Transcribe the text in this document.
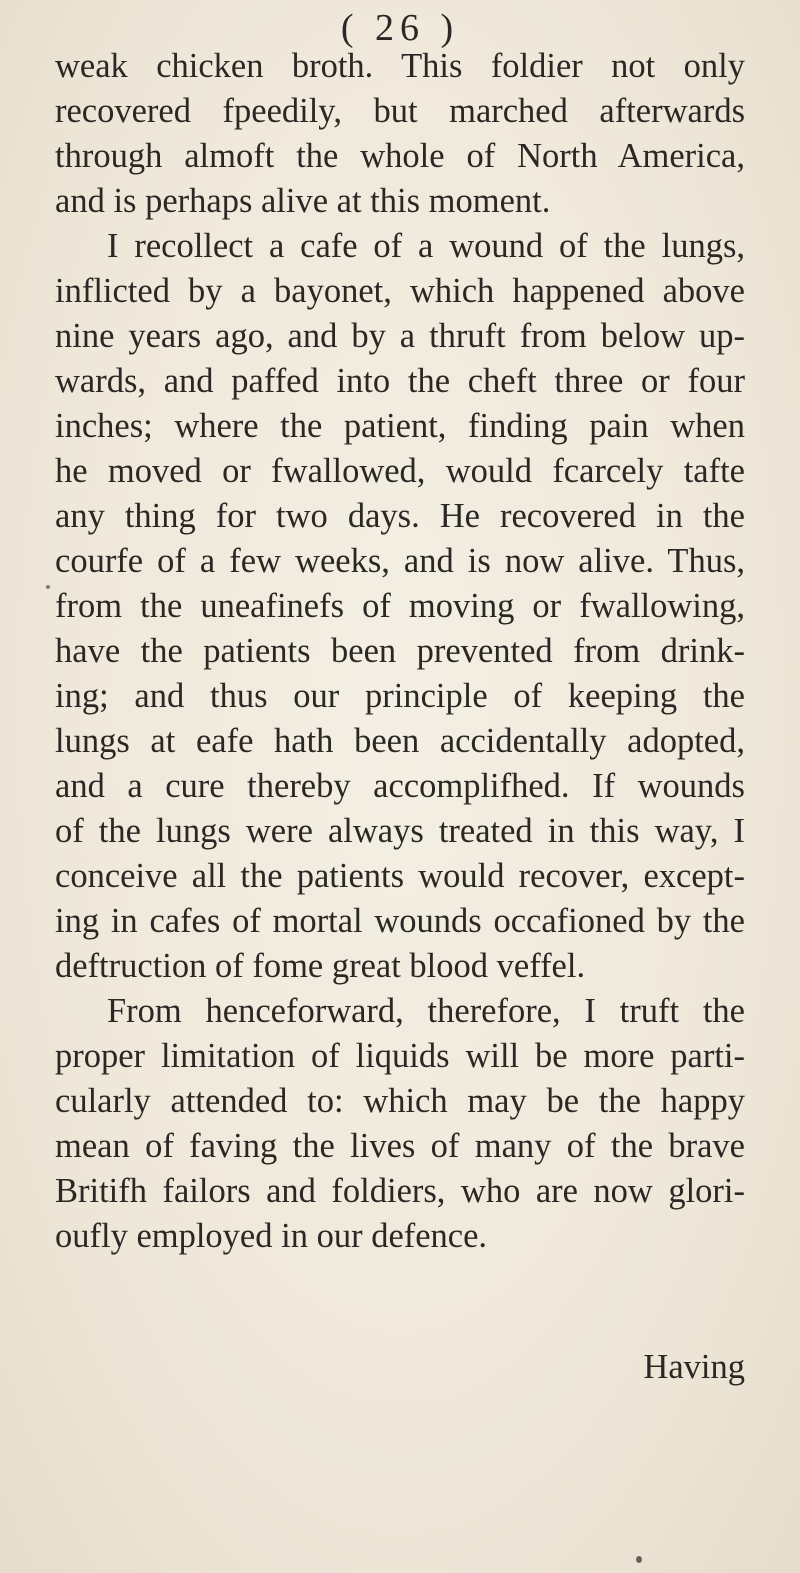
( 26 )
weak chicken broth. This foldier not only
recovered fpeedily, but marched afterwards
through almoft the whole of North America,
and is perhaps alive at this moment.
I recollect a cafe of a wound of the lungs,
inflicted by a bayonet, which happened above
nine years ago, and by a thruft from below up-
wards, and paffed into the cheft three or four
inches; where the patient, finding pain when
he moved or fwallowed, would fcarcely tafte
any thing for two days. He recovered in the
courfe of a few weeks, and is now alive. Thus,
from the uneafinefs of moving or fwallowing,
have the patients been prevented from drink-
ing; and thus our principle of keeping the
lungs at eafe hath been accidentally adopted,
and a cure thereby accomplifhed. If wounds
of the lungs were always treated in this way, I
conceive all the patients would recover, except-
ing in cafes of mortal wounds occafioned by the
deftruction of fome great blood veffel.
From henceforward, therefore, I truft the
proper limitation of liquids will be more parti-
cularly attended to: which may be the happy
mean of faving the lives of many of the brave
Britifh failors and foldiers, who are now glori-
oufly employed in our defence.
Having
